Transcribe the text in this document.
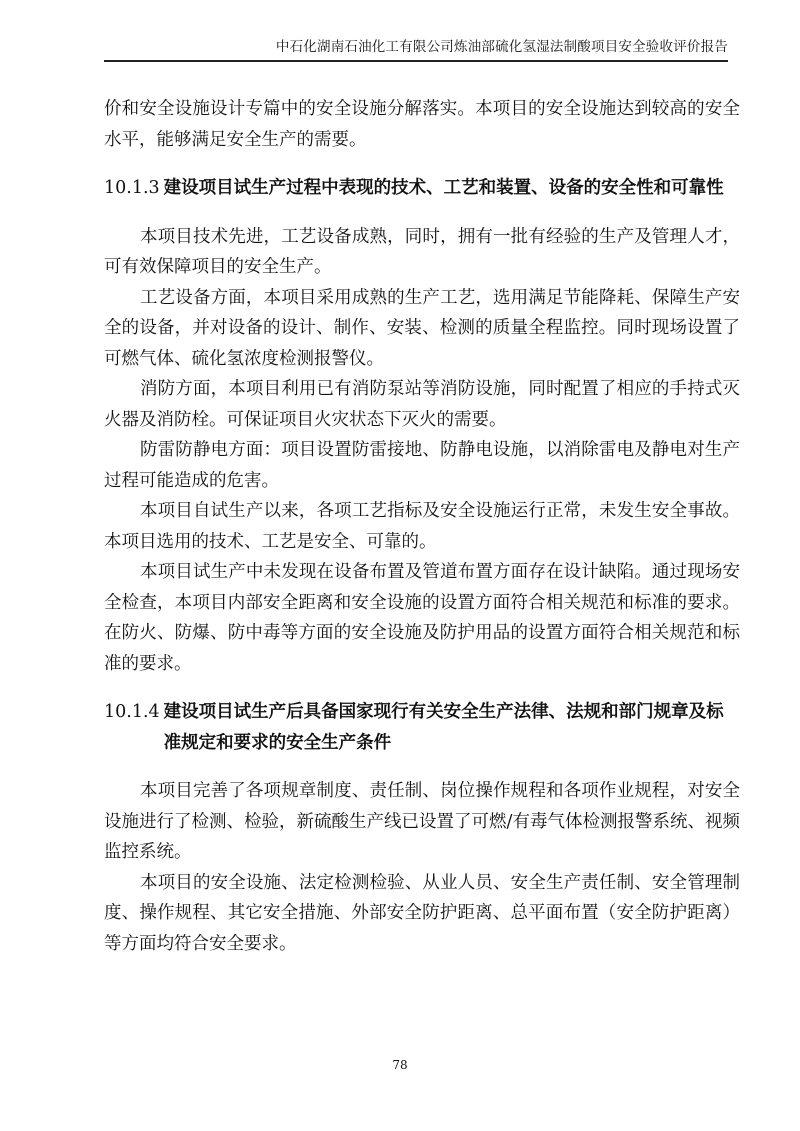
中石化湖南石油化工有限公司炼油部硫化氢湿法制酸项目安全验收评价报告

价和安全设施设计专篇中的安全设施分解落实。本项目的安全设施达到较高的安全水平，能够满足安全生产的需要。

10.1.3 建设项目试生产过程中表现的技术、工艺和装置、设备的安全性和可靠性

本项目技术先进，工艺设备成熟，同时，拥有一批有经验的生产及管理人才，可有效保障项目的安全生产。

工艺设备方面，本项目采用成熟的生产工艺，选用满足节能降耗、保障生产安全的设备，并对设备的设计、制作、安装、检测的质量全程监控。同时现场设置了可燃气体、硫化氢浓度检测报警仪。

消防方面，本项目利用已有消防泵站等消防设施，同时配置了相应的手持式灭火器及消防栓。可保证项目火灾状态下灭火的需要。

防雷防静电方面：项目设置防雷接地、防静电设施，以消除雷电及静电对生产过程可能造成的危害。

本项目自试生产以来，各项工艺指标及安全设施运行正常，未发生安全事故。本项目选用的技术、工艺是安全、可靠的。

本项目试生产中未发现在设备布置及管道布置方面存在设计缺陷。通过现场安全检查，本项目内部安全距离和安全设施的设置方面符合相关规范和标准的要求。在防火、防爆、防中毒等方面的安全设施及防护用品的设置方面符合相关规范和标准的要求。

10.1.4 建设项目试生产后具备国家现行有关安全生产法律、法规和部门规章及标准规定和要求的安全生产条件

本项目完善了各项规章制度、责任制、岗位操作规程和各项作业规程，对安全设施进行了检测、检验，新硫酸生产线已设置了可燃/有毒气体检测报警系统、视频监控系统。

本项目的安全设施、法定检测检验、从业人员、安全生产责任制、安全管理制度、操作规程、其它安全措施、外部安全防护距离、总平面布置（安全防护距离）等方面均符合安全要求。

78
